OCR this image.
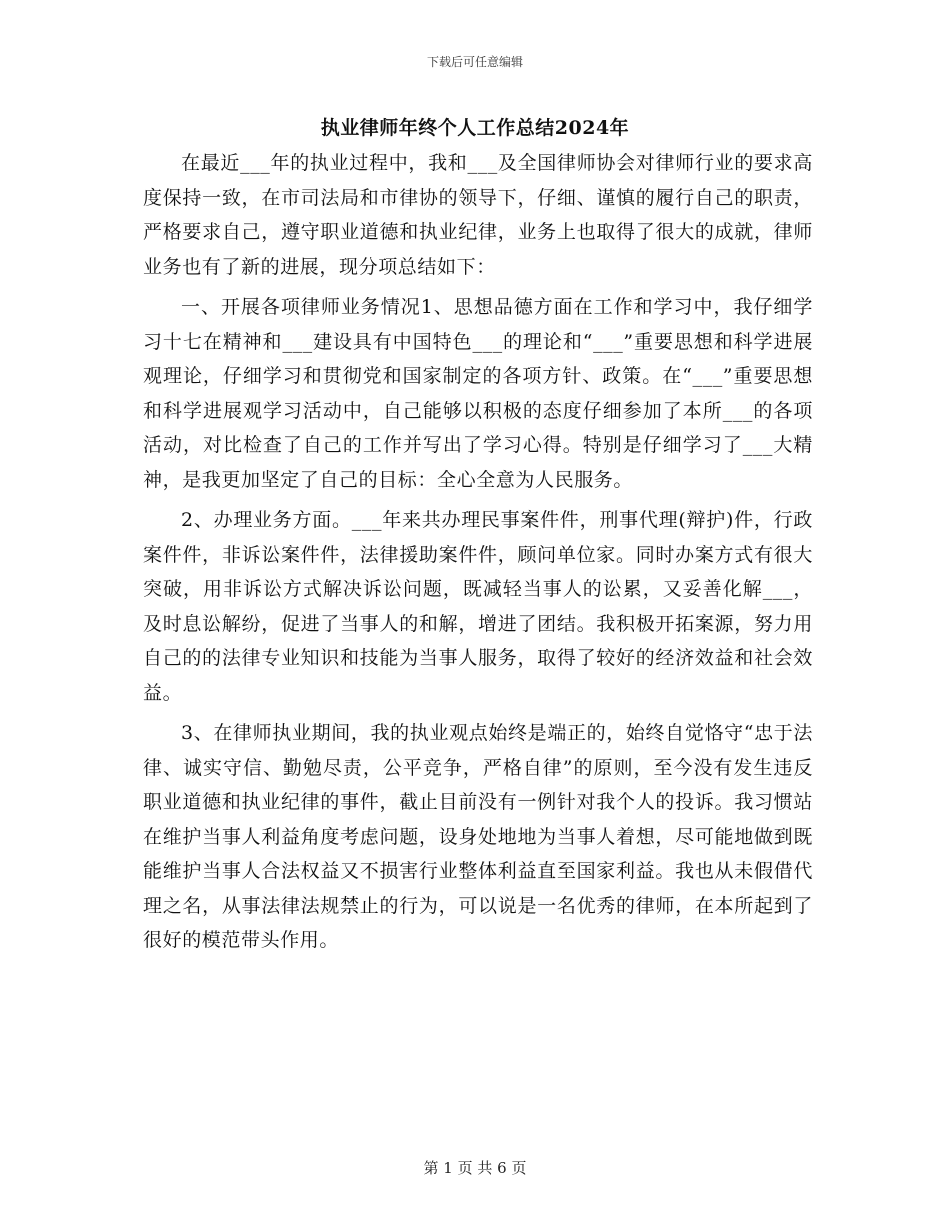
下载后可任意编辑
执业律师年终个人工作总结2024年

在最近___年的执业过程中，我和___及全国律师协会对律师行业的要求高度保持一致，在市司法局和市律协的领导下，仔细、谨慎的履行自己的职责，严格要求自己，遵守职业道德和执业纪律，业务上也取得了很大的成就，律师业务也有了新的进展，现分项总结如下：

一、开展各项律师业务情况1、思想品德方面在工作和学习中，我仔细学习十七在精神和___建设具有中国特色___的理论和“___”重要思想和科学进展观理论，仔细学习和贯彻党和国家制定的各项方针、政策。在“___”重要思想和科学进展观学习活动中，自己能够以积极的态度仔细参加了本所___的各项活动，对比检查了自己的工作并写出了学习心得。特别是仔细学习了___大精神，是我更加坚定了自己的目标：全心全意为人民服务。

2、办理业务方面。___年来共办理民事案件件，刑事代理(辩护)件，行政案件件，非诉讼案件件，法律援助案件件，顾问单位家。同时办案方式有很大突破，用非诉讼方式解决诉讼问题，既减轻当事人的讼累，又妥善化解___，及时息讼解纷，促进了当事人的和解，增进了团结。我积极开拓案源，努力用自己的的法律专业知识和技能为当事人服务，取得了较好的经济效益和社会效益。

3、在律师执业期间，我的执业观点始终是端正的，始终自觉恪守“忠于法律、诚实守信、勤勉尽责，公平竞争，严格自律”的原则，至今没有发生违反职业道德和执业纪律的事件，截止目前没有一例针对我个人的投诉。我习惯站在维护当事人利益角度考虑问题，设身处地地为当事人着想，尽可能地做到既能维护当事人合法权益又不损害行业整体利益直至国家利益。我也从未假借代理之名，从事法律法规禁止的行为，可以说是一名优秀的律师，在本所起到了很好的模范带头作用。

第 1 页 共 6 页
